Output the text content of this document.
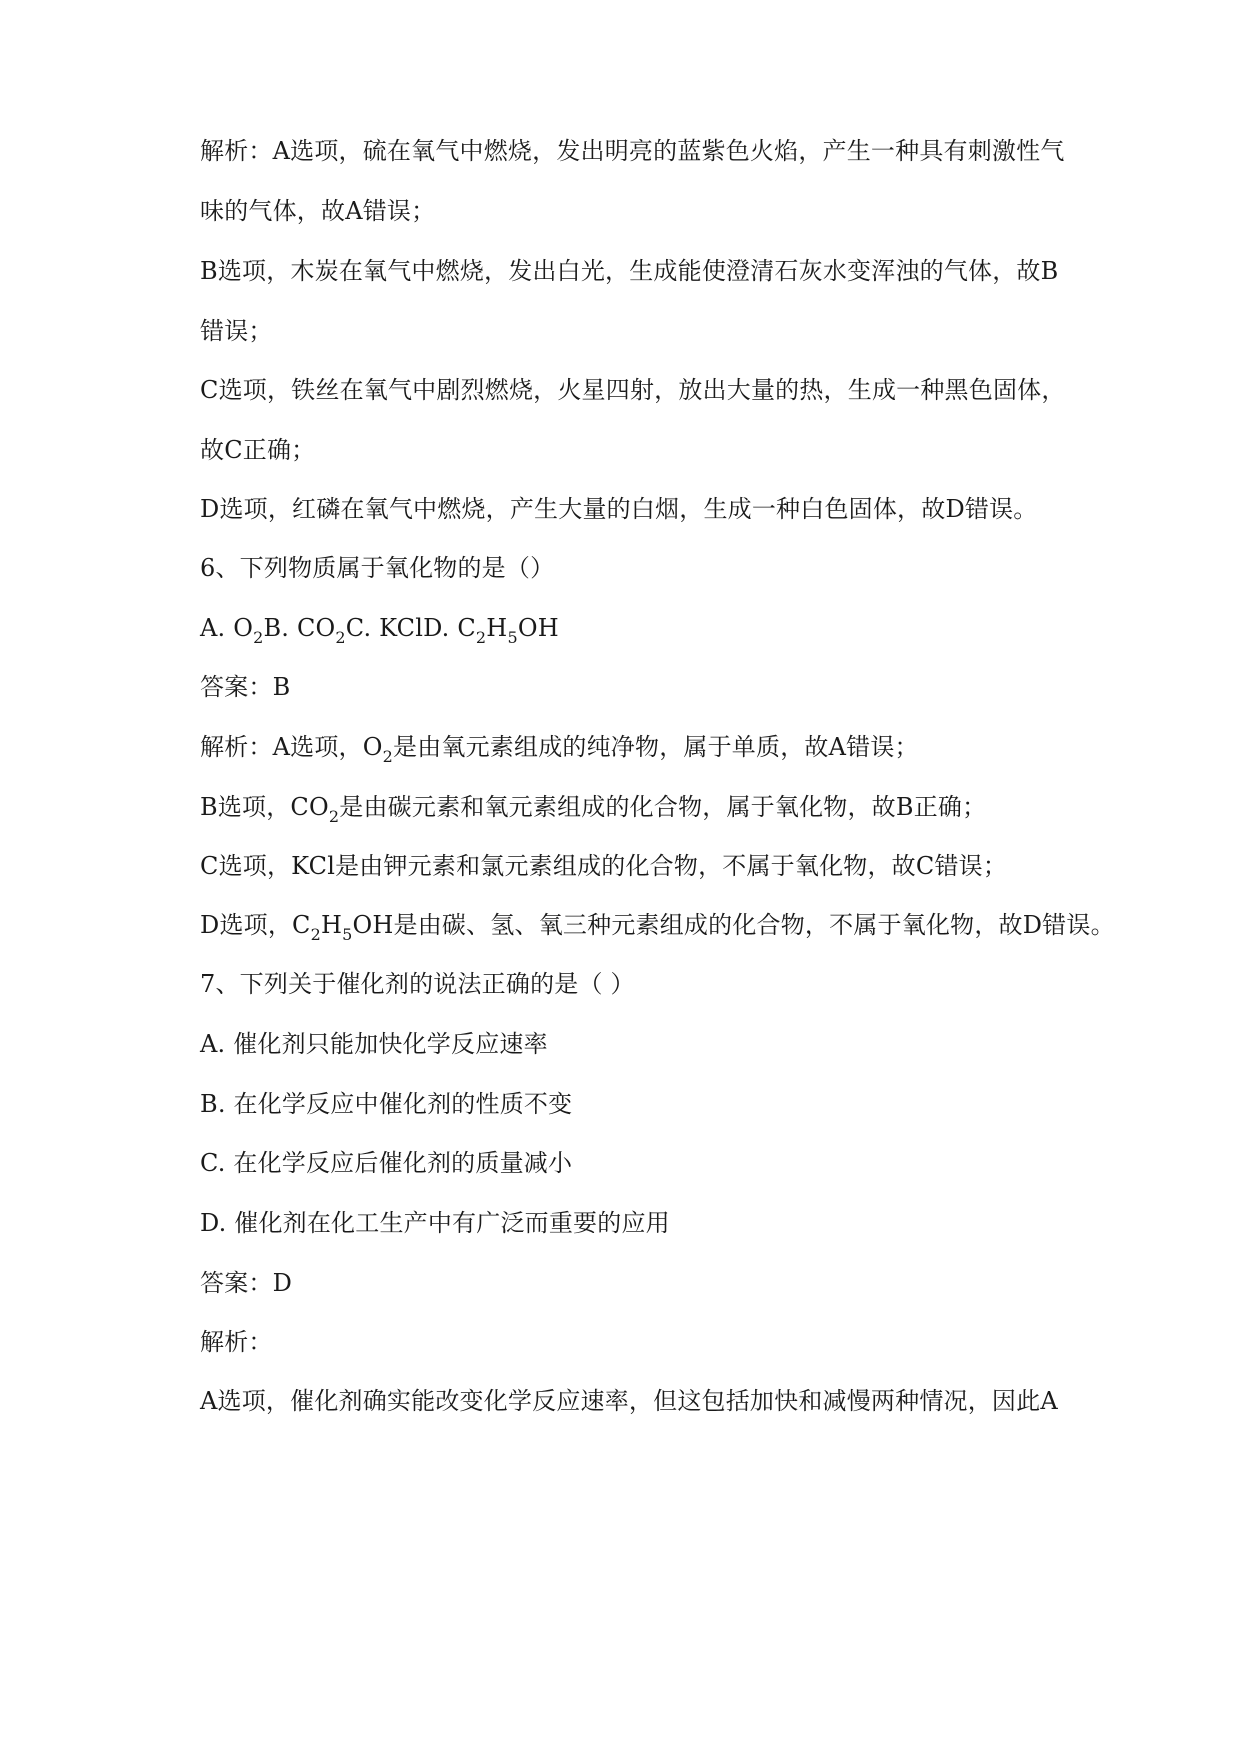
解析：A选项，硫在氧气中燃烧，发出明亮的蓝紫色火焰，产生一种具有刺激性气
味的气体，故A错误；
B选项，木炭在氧气中燃烧，发出白光，生成能使澄清石灰水变浑浊的气体，故B
错误；
C选项，铁丝在氧气中剧烈燃烧，火星四射，放出大量的热，生成一种黑色固体，
故C正确；
D选项，红磷在氧气中燃烧，产生大量的白烟，生成一种白色固体，故D错误。
6、下列物质属于氧化物的是（）
A. $O_2B$. $CO_2C$. KClD. $C_2H_5OH$
答案：B
解析：A选项，$O_2$是由氧元素组成的纯净物，属于单质，故A错误；
B选项，$CO_2$是由碳元素和氧元素组成的化合物，属于氧化物，故B正确；
C选项，KCl是由钾元素和氯元素组成的化合物，不属于氧化物，故C错误；
D选项，$C_2H_5OH$是由碳、氢、氧三种元素组成的化合物，不属于氧化物，故D错误。
7、下列关于催化剂的说法正确的是（ ）
A. 催化剂只能加快化学反应速率
B. 在化学反应中催化剂的性质不变
C. 在化学反应后催化剂的质量减小
D. 催化剂在化工生产中有广泛而重要的应用
答案：D
解析：
A选项，催化剂确实能改变化学反应速率，但这包括加快和减慢两种情况，因此A
